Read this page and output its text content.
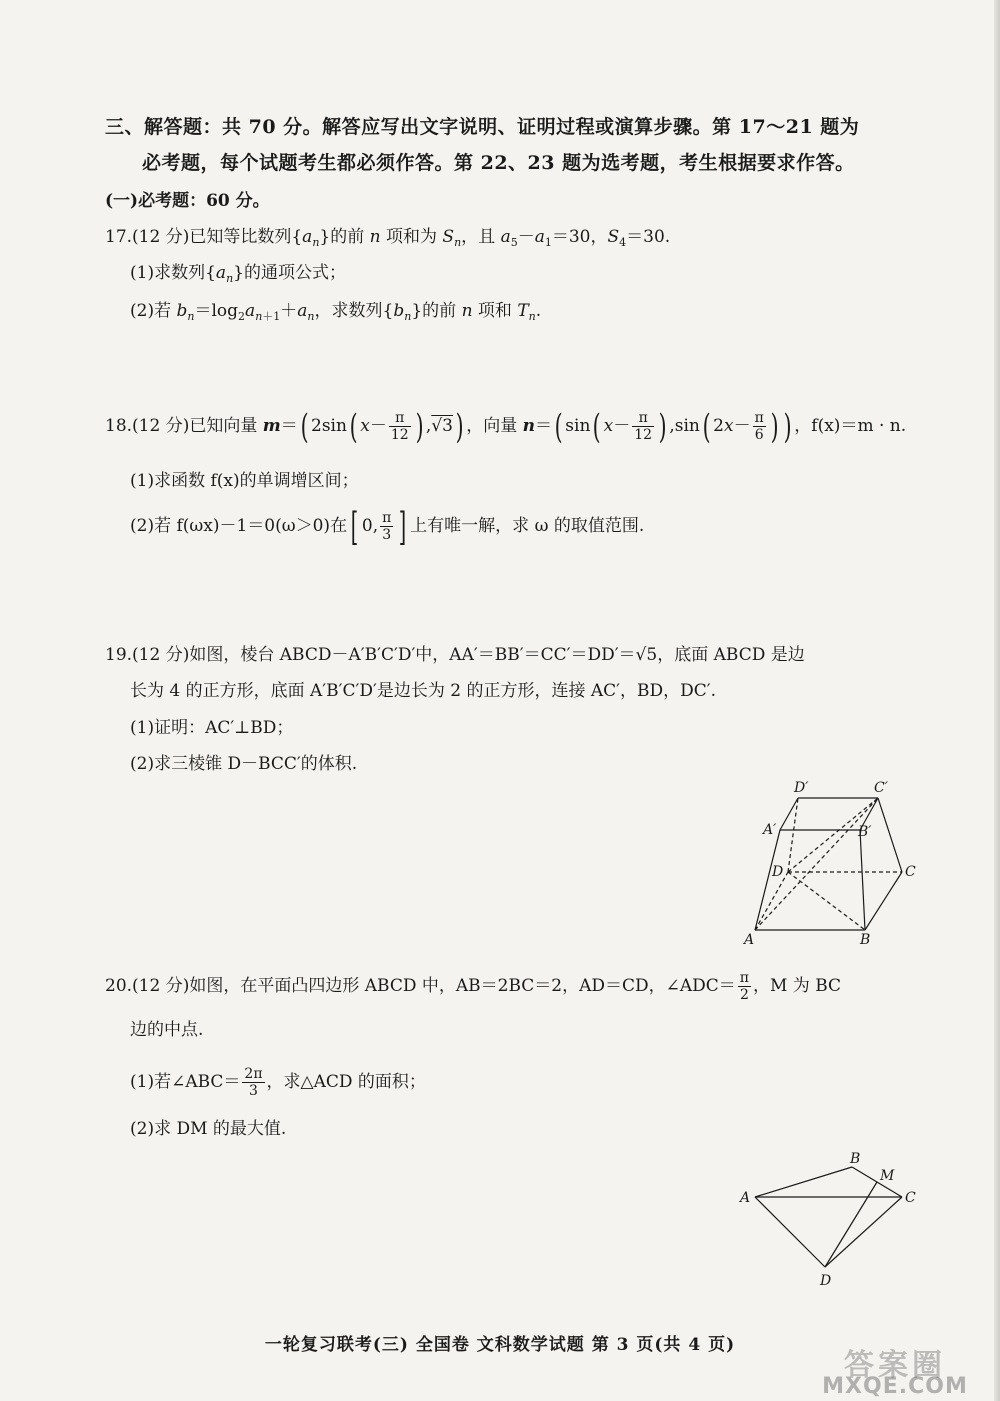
三、解答题：共 70 分。解答应写出文字说明、证明过程或演算步骤。第 17～21 题为
必考题，每个试题考生都必须作答。第 22、23 题为选考题，考生根据要求作答。
(一)必考题：60 分。
17.(12 分)已知等比数列$\{a_n\}$的前 n 项和为 $S_n$，且 $a_5-a_1=30$，$S_4=30$.
(1)求数列$\{a_n\}$的通项公式；
(2)若 $b_n=\log_2a_{n+1}+a_n$，求数列$\{b_n\}$的前 n 项和 $T_n$.
18.(12 分)已知向量 m＝( 2sin( $x- \frac{\pi}{12}$ ) ,√3) ，向量 n＝( sin( $x- \frac{\pi}{12}$ ) ,sin( $2x- \frac{\pi}{6}$ ) ) ，f(x)＝m · n.
(1)求函数 f(x)的单调增区间；
(2)若 f(ωx)－1＝0(ω＞0)在[ 0, $\frac{\pi}{3}$ ] 上有唯一解，求 ω 的取值范围.
19.(12 分)如图，棱台 ABCD－A′B′C′D′中，AA′＝BB′＝CC′＝DD′＝√5，底面 ABCD 是边
长为 4 的正方形，底面 A′B′C′D′是边长为 2 的正方形，连接 AC′，BD，DC′.
(1)证明：AC′⊥BD；
(2)求三棱锥 D－BCC′的体积.
D′	C′
A′	B′
D	C
A	B
20.(12 分)如图，在平面凸四边形 ABCD 中，AB＝2BC＝2，AD＝CD，∠ADC＝ $\frac{\pi}{2}$ ，M 为 BC
边的中点.
(1)若∠ABC＝ $\frac{2\pi}{3}$ ，求△ACD 的面积；
(2)求 DM 的最大值.
A
B
M
C
D
一轮复习联考(三) 全国卷 文科数学试题 第 3 页(共 4 页)
答案圈
MXQE.COM
